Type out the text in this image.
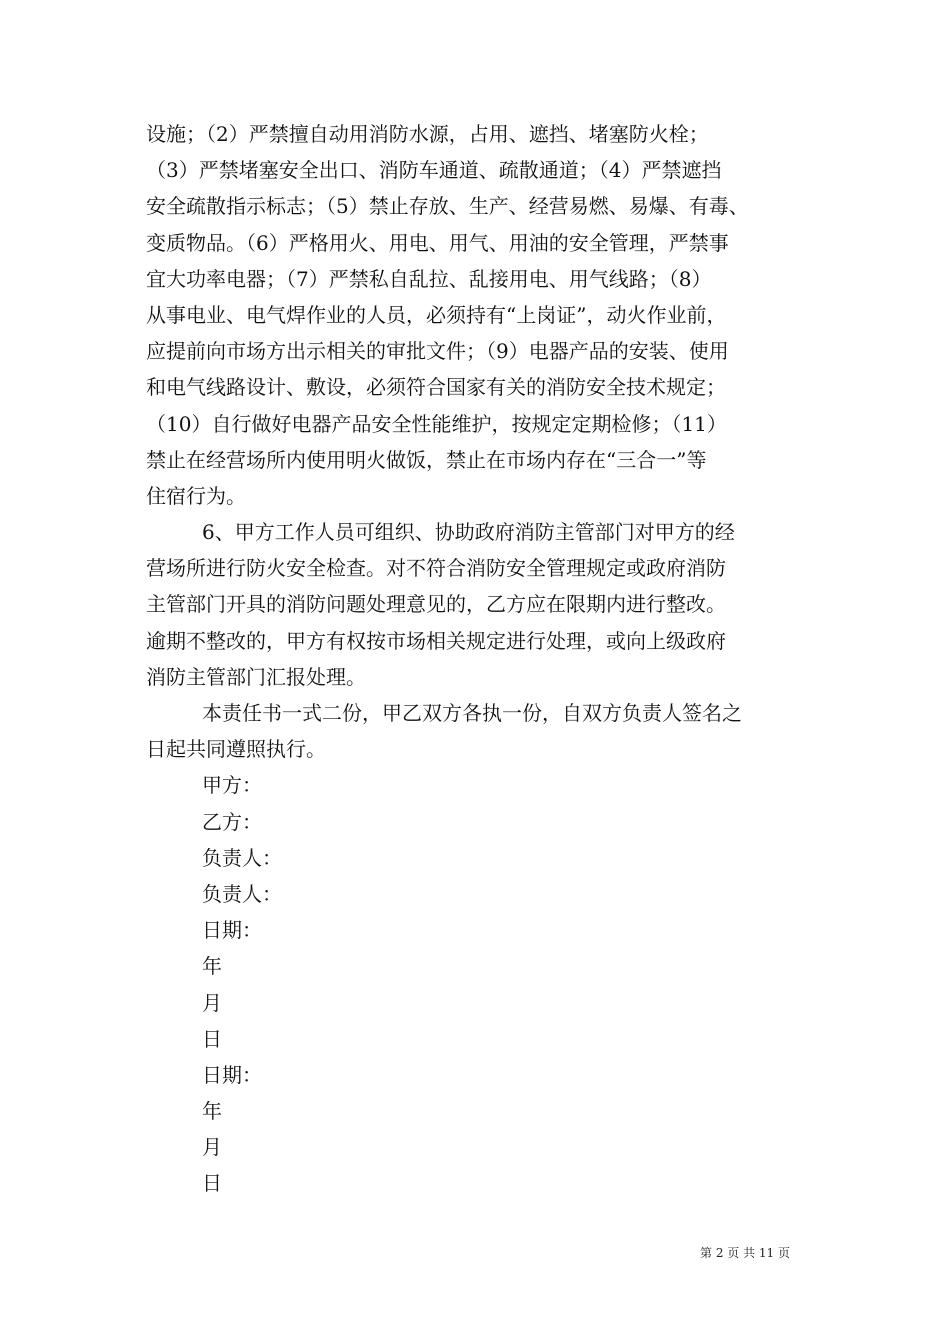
设施；（2）严禁擅自动用消防水源，占用、遮挡、堵塞防火栓；
（3）严禁堵塞安全出口、消防车通道、疏散通道；（4）严禁遮挡
安全疏散指示标志；（5）禁止存放、生产、经营易燃、易爆、有毒、
变质物品。（6）严格用火、用电、用气、用油的安全管理，严禁事
宜大功率电器；（7）严禁私自乱拉、乱接用电、用气线路；（8）
从事电业、电气焊作业的人员，必须持有“上岗证”，动火作业前，
应提前向市场方出示相关的审批文件；（9）电器产品的安装、使用
和电气线路设计、敷设，必须符合国家有关的消防安全技术规定；
（10）自行做好电器产品安全性能维护，按规定定期检修；（11）
禁止在经营场所内使用明火做饭，禁止在市场内存在“三合一”等
住宿行为。
6、甲方工作人员可组织、协助政府消防主管部门对甲方的经
营场所进行防火安全检查。对不符合消防安全管理规定或政府消防
主管部门开具的消防问题处理意见的，乙方应在限期内进行整改。
逾期不整改的，甲方有权按市场相关规定进行处理，或向上级政府
消防主管部门汇报处理。
本责任书一式二份，甲乙双方各执一份，自双方负责人签名之
日起共同遵照执行。
甲方：
乙方：
负责人：
负责人：
日期：
年
月
日
日期：
年
月
日
第 2 页 共 11 页
